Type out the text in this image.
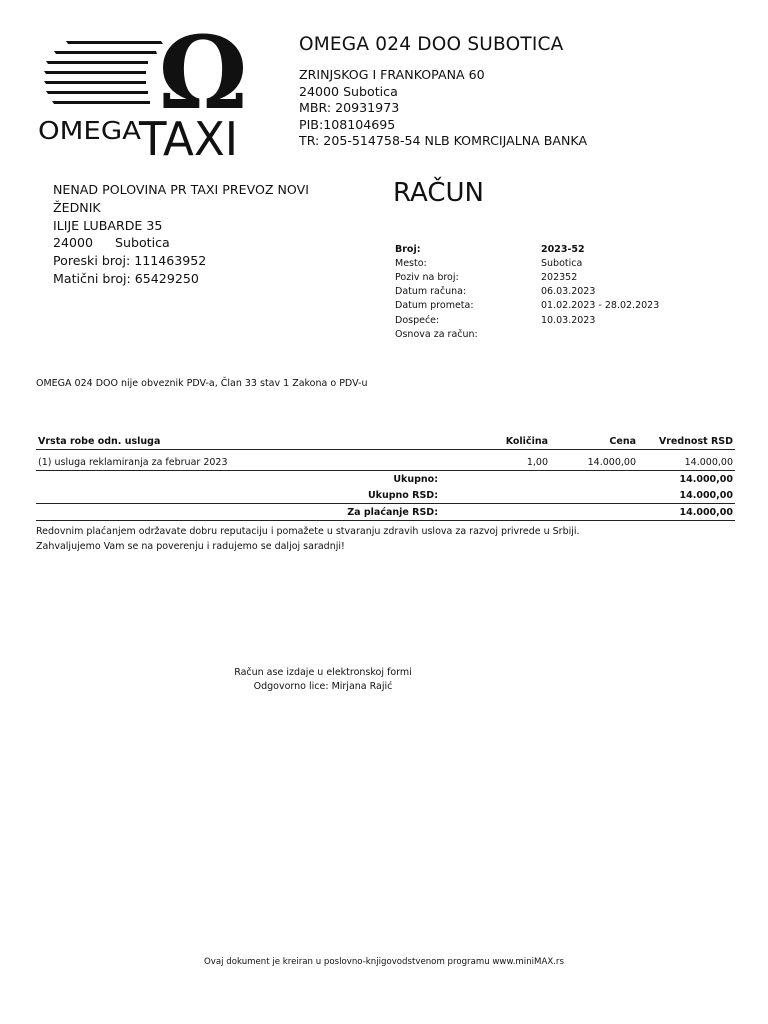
Ω
OMEGA
TAXI
OMEGA 024 DOO SUBOTICA
ZRINJSKOG I FRANKOPANA 60
24000 Subotica
MBR: 20931973
PIB:108104695
TR: 205-514758-54 NLB KOMRCIJALNA BANKA
NENAD POLOVINA PR TAXI PREVOZ NOVI
ŽEDNIK
ILIJE LUBARDE 35
24000 Subotica
Poreski broj: 111463952
Matični broj: 65429250
RAČUN
Broj:	2023-52
Mesto:	Subotica
Poziv na broj:	202352
Datum računa:	06.03.2023
Datum prometa:	01.02.2023 - 28.02.2023
Dospeće:	10.03.2023
Osnova za račun:
OMEGA 024 DOO nije obveznik PDV-a, Član 33 stav 1 Zakona o PDV-u
Vrsta robe odn. usluga	Količina	Cena	Vrednost RSD

(1) usluga reklamiranja za februar 2023	1,00	14.000,00	14.000,00
Ukupno:			14.000,00
Ukupno RSD:			14.000,00
Za plaćanje RSD:			14.000,00

Redovnim plaćanjem održavate dobru reputaciju i pomažete u stvaranju zdravih uslova za razvoj privrede u Srbiji.
Zahvaljujemo Vam se na poverenju i radujemo se daljoj saradnji!
Račun ase izdaje u elektronskoj formi
Odgovorno lice: Mirjana Rajić
Ovaj dokument je kreiran u poslovno-knjigovodstvenom programu www.miniMAX.rs
